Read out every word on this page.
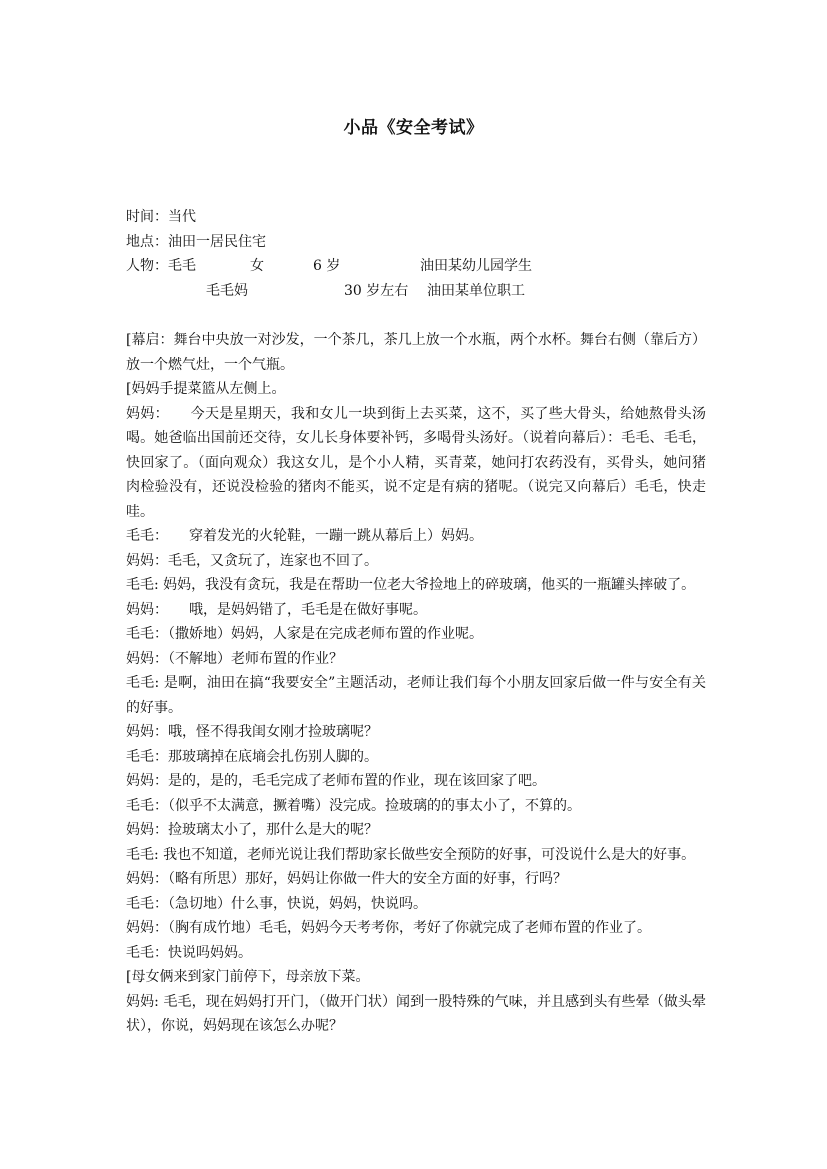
小品《安全考试》
时间：当代
地点：油田一居民住宅
人物：毛毛	女	6 岁	油田某幼儿园学生
毛毛妈	30 岁左右 油田某单位职工

[幕启：舞台中央放一对沙发，一个茶几，茶几上放一个水瓶，两个水杯。舞台右侧（靠后方）放一个燃气灶，一个气瓶。

[妈妈手提菜篮从左侧上。

妈妈：　　今天是星期天，我和女儿一块到街上去买菜，这不，买了些大骨头，给她熬骨头汤喝。她爸临出国前还交待，女儿长身体要补钙，多喝骨头汤好。（说着向幕后）：毛毛、毛毛，快回家了。（面向观众）我这女儿，是个小人精，买青菜，她问打农药没有，买骨头，她问猪肉检验没有，还说没检验的猪肉不能买，说不定是有病的猪呢。（说完又向幕后）毛毛，快走哇。

毛毛：　　穿着发光的火轮鞋，一蹦一跳从幕后上）妈妈。

妈妈：毛毛，又贪玩了，连家也不回了。

毛毛: 妈妈，我没有贪玩，我是在帮助一位老大爷捡地上的碎玻璃，他买的一瓶罐头摔破了。

妈妈：　　哦，是妈妈错了，毛毛是在做好事呢。

毛毛：（撒娇地）妈妈，人家是在完成老师布置的作业呢。

妈妈：（不解地）老师布置的作业？

毛毛: 是啊，油田在搞“我要安全”主题活动，老师让我们每个小朋友回家后做一件与安全有关的好事。

妈妈：哦，怪不得我闺女刚才捡玻璃呢？

毛毛：那玻璃掉在底墒会扎伤别人脚的。

妈妈：是的，是的，毛毛完成了老师布置的作业，现在该回家了吧。

毛毛：（似乎不太满意，撅着嘴）没完成。捡玻璃的的事太小了，不算的。

妈妈：捡玻璃太小了，那什么是大的呢？

毛毛: 我也不知道，老师光说让我们帮助家长做些安全预防的好事，可没说什么是大的好事。

妈妈：（略有所思）那好，妈妈让你做一件大的安全方面的好事，行吗？

毛毛：（急切地）什么事，快说，妈妈，快说吗。

妈妈：（胸有成竹地）毛毛，妈妈今天考考你，考好了你就完成了老师布置的作业了。

毛毛：快说吗妈妈。

[母女俩来到家门前停下，母亲放下菜。

妈妈: 毛毛，现在妈妈打开门，（做开门状）闻到一股特殊的气味，并且感到头有些晕（做头晕状），你说，妈妈现在该怎么办呢？
